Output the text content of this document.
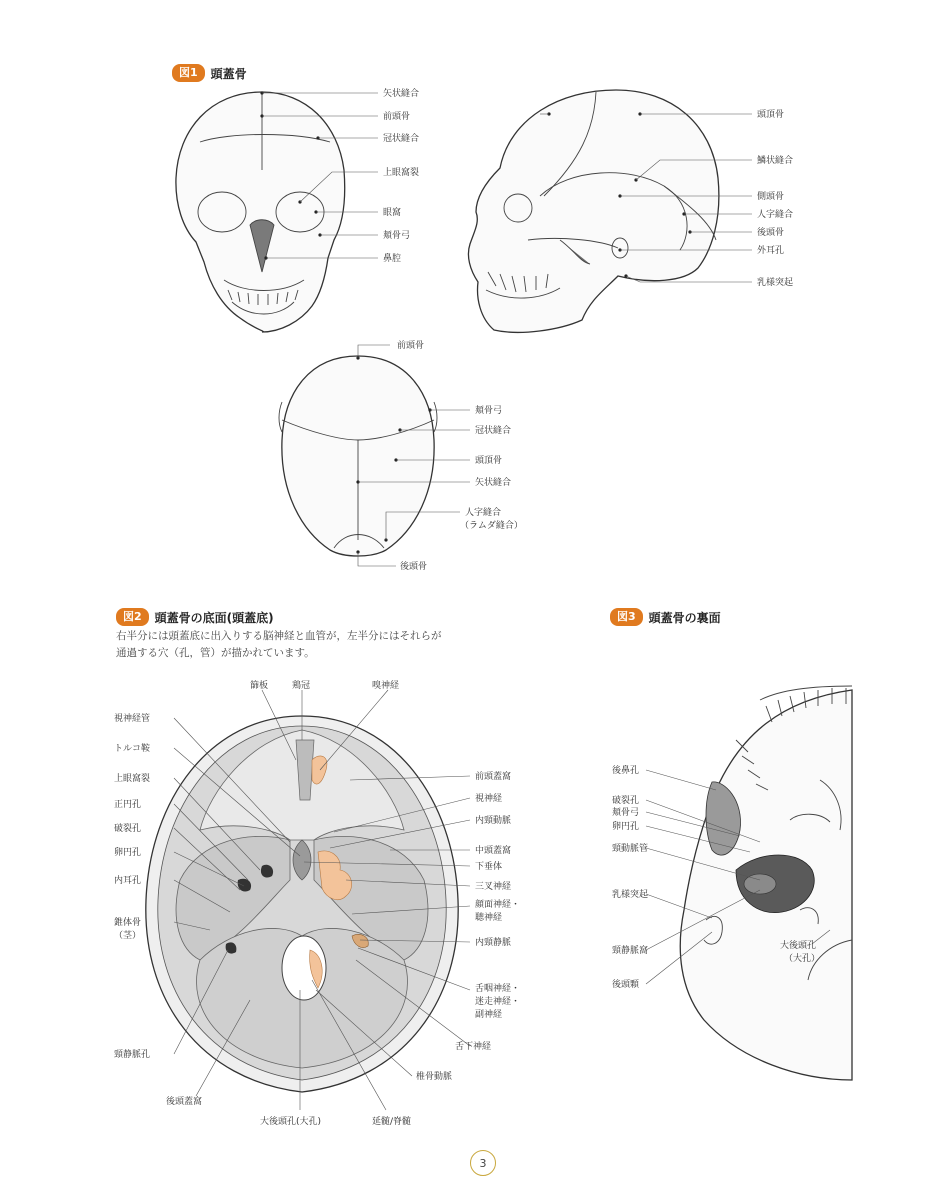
図1	頭蓋骨
図2	頭蓋骨の底面(頭蓋底)
右半分には頭蓋底に出入りする脳神経と血管が，左半分にはそれらが
通過する穴（孔，管）が描かれています。
図3	頭蓋骨の裏面
矢状縫合
前頭骨
冠状縫合
上眼窩裂
眼窩
頬骨弓
鼻腔
頭頂骨
鱗状縫合
側頭骨
人字縫合
後頭骨
外耳孔
乳様突起
前頭骨
頬骨弓
冠状縫合
頭頂骨
矢状縫合
人字縫合
（ラムダ縫合）
後頭骨
篩板	鶏冠	嗅神経
視神経管
トルコ鞍
上眼窩裂
正円孔
破裂孔
卵円孔
内耳孔
錐体骨
（茎）
頸静脈孔
前頭蓋窩
視神経
内頸動脈
中頭蓋窩
下垂体
三叉神経
顔面神経・
聴神経
内頸静脈
舌咽神経・
迷走神経・
副神経
舌下神経
椎骨動脈
後頭蓋窩
大後頭孔(大孔)	延髄/脊髄
後鼻孔
破裂孔
頬骨弓
卵円孔
頸動脈管
乳様突起
頸静脈窩
後頭顆
大後頭孔
（大孔）
3
